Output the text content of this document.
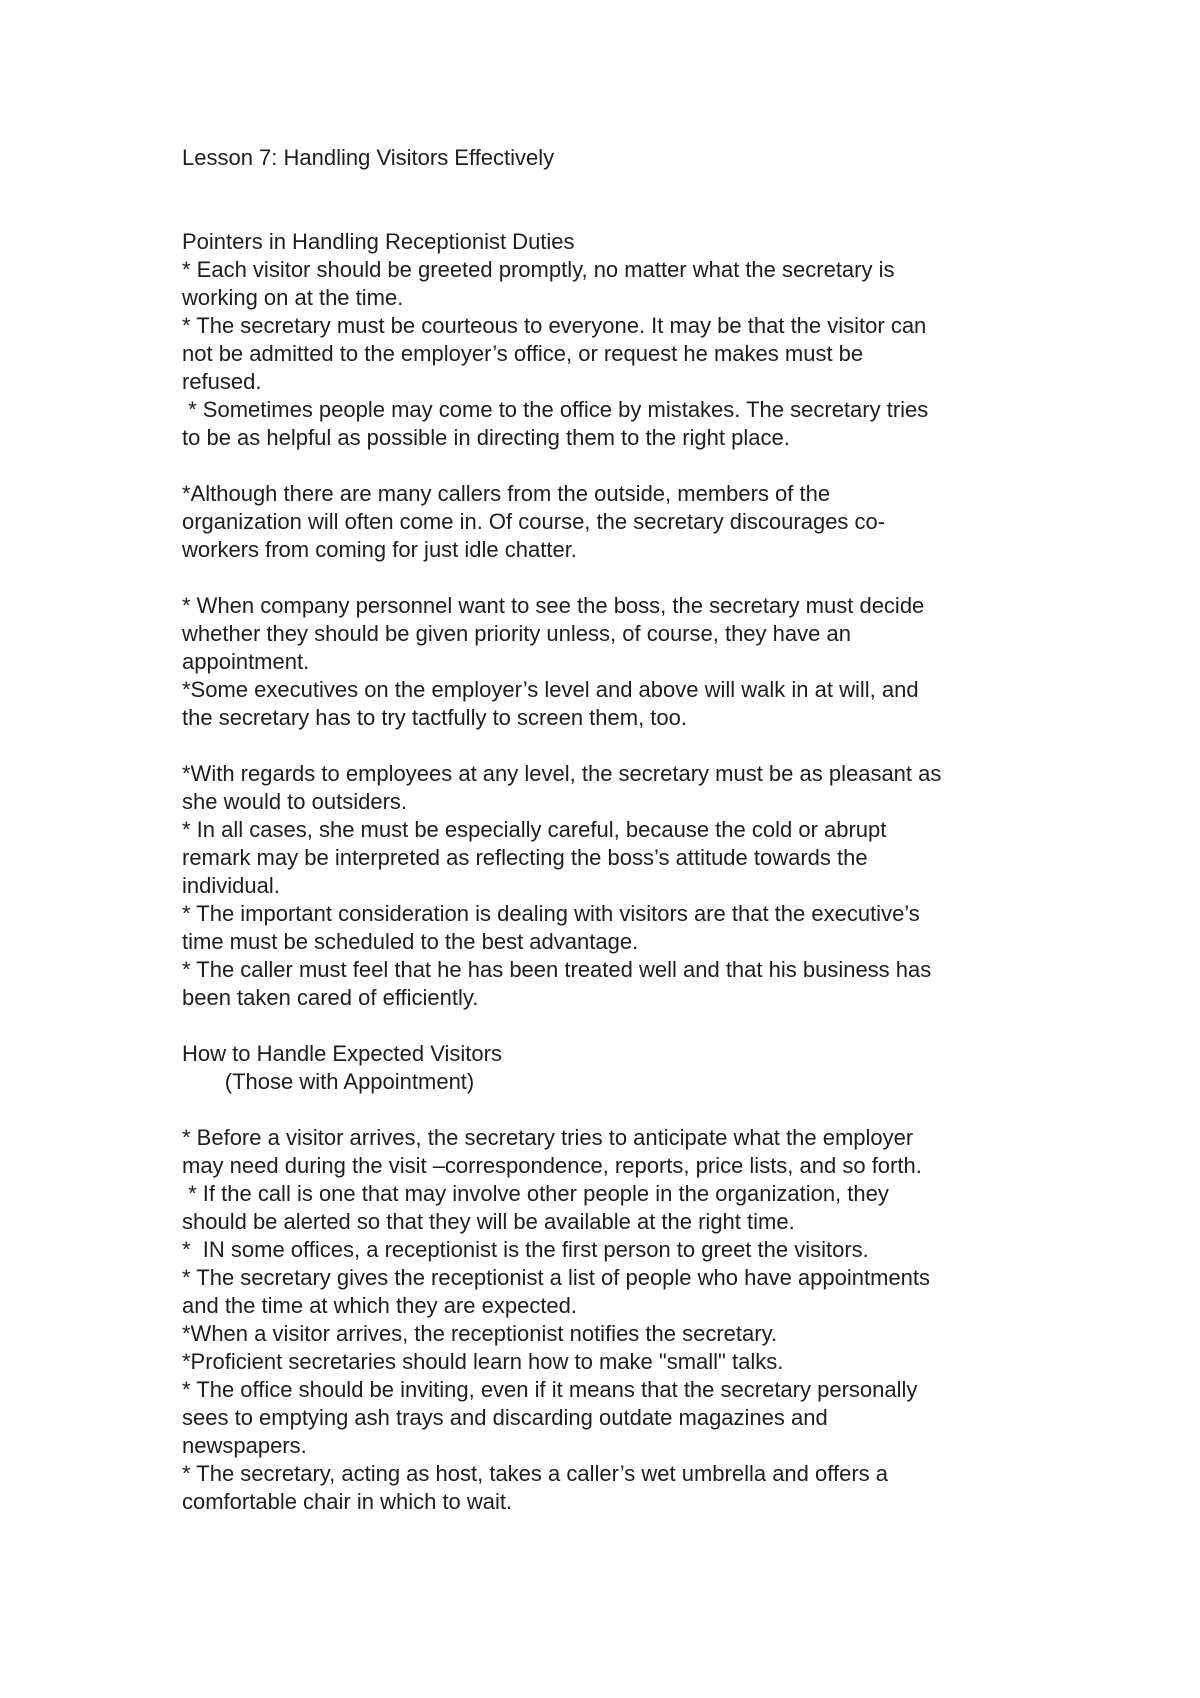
Lesson 7: Handling Visitors Effectively
Pointers in Handling Receptionist Duties
* Each visitor should be greeted promptly, no matter what the secretary is
working on at the time.
* The secretary must be courteous to everyone. It may be that the visitor can
not be admitted to the employer’s office, or request he makes must be
refused.
* Sometimes people may come to the office by mistakes. The secretary tries
to be as helpful as possible in directing them to the right place.
*Although there are many callers from the outside, members of the
organization will often come in. Of course, the secretary discourages co-
workers from coming for just idle chatter.
* When company personnel want to see the boss, the secretary must decide
whether they should be given priority unless, of course, they have an
appointment.
*Some executives on the employer’s level and above will walk in at will, and
the secretary has to try tactfully to screen them, too.
*With regards to employees at any level, the secretary must be as pleasant as
she would to outsiders.
* In all cases, she must be especially careful, because the cold or abrupt
remark may be interpreted as reflecting the boss’s attitude towards the
individual.
* The important consideration is dealing with visitors are that the executive’s
time must be scheduled to the best advantage.
* The caller must feel that he has been treated well and that his business has
been taken cared of efficiently.
How to Handle Expected Visitors
(Those with Appointment)
* Before a visitor arrives, the secretary tries to anticipate what the employer
may need during the visit –correspondence, reports, price lists, and so forth.
* If the call is one that may involve other people in the organization, they
should be alerted so that they will be available at the right time.
*  IN some offices, a receptionist is the first person to greet the visitors.
* The secretary gives the receptionist a list of people who have appointments
and the time at which they are expected.
*When a visitor arrives, the receptionist notifies the secretary.
*Proficient secretaries should learn how to make "small" talks.
* The office should be inviting, even if it means that the secretary personally
sees to emptying ash trays and discarding outdate magazines and
newspapers.
* The secretary, acting as host, takes a caller’s wet umbrella and offers a
comfortable chair in which to wait.
